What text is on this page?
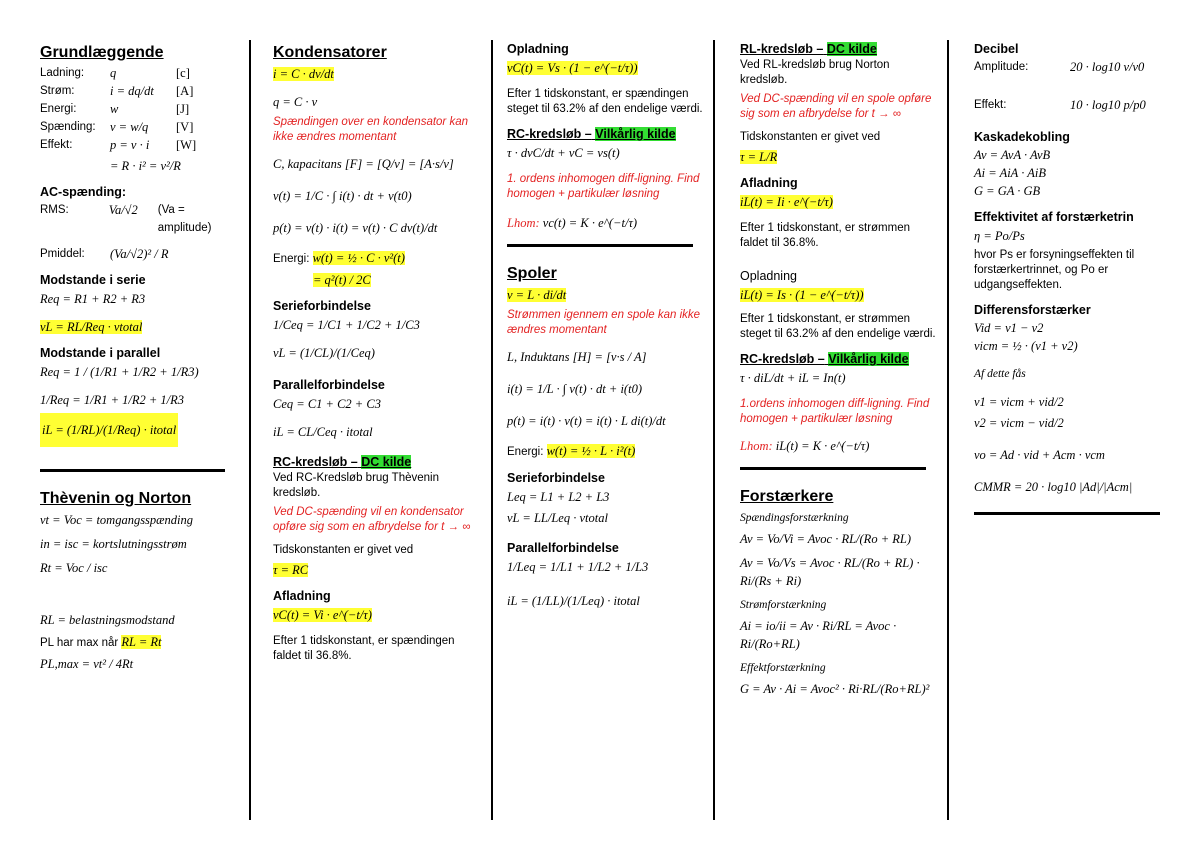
Grundlæggende
Ladning:	q	[c]
Strøm:	i = dq/dt	[A]
Energi:	w	[J]
Spænding:	v = w/q	[V]
Effekt:	p = v · i	[W]
= R · i² = v²/R
AC-spænding:
RMS:	Va/√2	(Va = amplitude)
Pmiddel:	(Va/√2)² / R
Modstande i serie
Req = R1 + R2 + R3
vL = RL/Req · vtotal
Modstande i parallel
Req = 1 / (1/R1 + 1/R2 + 1/R3)
1/Req = 1/R1 + 1/R2 + 1/R3
iL = (1/RL)/(1/Req) · itotal
Thèvenin og Norton
vt = Voc = tomgangsspænding
in = isc = kortslutningsstrøm
Rt = Voc / isc
RL = belastningsmodstand
PL har max når RL = Rt
PL,max = vt² / 4Rt
Kondensatorer
i = C · dv/dt
q = C · v

Spændingen over en kondensator kan ikke ændres momentant

C, kapacitans [F] = [Q/v] = [A·s/v]
v(t) = 1/C · ∫ i(t) · dt + v(t0)
p(t) = v(t) · i(t) = v(t) · C dv(t)/dt
Energi: w(t) = ½ · C · v²(t)
= q²(t) / 2C
Serieforbindelse
1/Ceq = 1/C1 + 1/C2 + 1/C3
vL = (1/CL)/(1/Ceq)
Parallelforbindelse
Ceq = C1 + C2 + C3
iL = CL/Ceq · itotal
RC-kredsløb – DC kilde

Ved RC-Kredsløb brug Thèvenin kredsløb.

Ved DC-spænding vil en kondensator opføre sig som en afbrydelse for t → ∞

Tidskonstanten er givet ved

τ = RC
Afladning
vC(t) = Vi · e^(−t/τ)

Efter 1 tidskonstant, er spændingen faldet til 36.8%.

Opladning
vC(t) = Vs · (1 − e^(−t/τ))

Efter 1 tidskonstant, er spændingen steget til 63.2% af den endelige værdi.

RC-kredsløb – Vilkårlig kilde
τ · dvC/dt + vC = vs(t)

1. ordens inhomogen diff-ligning. Find homogen + partikulær løsning

Lhom: vc(t) = K · e^(−t/τ)
Spoler
v = L · di/dt

Strømmen igennem en spole kan ikke ændres momentant

L, Induktans [H] = [v·s / A]
i(t) = 1/L · ∫ v(t) · dt + i(t0)
p(t) = i(t) · v(t) = i(t) · L di(t)/dt
Energi: w(t) = ½ · L · i²(t)
Serieforbindelse
Leq = L1 + L2 + L3
vL = LL/Leq · vtotal
Parallelforbindelse
1/Leq = 1/L1 + 1/L2 + 1/L3
iL = (1/LL)/(1/Leq) · itotal
RL-kredsløb – DC kilde

Ved RL-kredsløb brug Norton kredsløb.

Ved DC-spænding vil en spole opføre sig som en afbrydelse for t → ∞

Tidskonstanten er givet ved

τ = L/R
Afladning
iL(t) = Ii · e^(−t/τ)

Efter 1 tidskonstant, er strømmen faldet til 36.8%.

Opladning
iL(t) = Is · (1 − e^(−t/τ))

Efter 1 tidskonstant, er strømmen steget til 63.2% af den endelige værdi.

RC-kredsløb – Vilkårlig kilde
τ · diL/dt + iL = In(t)

1.ordens inhomogen diff-ligning. Find homogen + partikulær løsning

Lhom: iL(t) = K · e^(−t/τ)
Forstærkere
Spændingsforstærkning
Av = Vo/Vi = Avoc · RL/(Ro + RL)
Av = Vo/Vs = Avoc · RL/(Ro + RL) · Ri/(Rs + Ri)
Strømforstærkning
Ai = io/ii = Av · Ri/RL = Avoc · Ri/(Ro+RL)
Effektforstærkning
G = Av · Ai = Avoc² · Ri·RL/(Ro+RL)²
Decibel
Amplitude:	20 · log10 v/v0
Effekt:	10 · log10 p/p0
Kaskadekobling
Av = AvA · AvB
Ai = AiA · AiB
G = GA · GB
Effektivitet af forstærketrin
η = Po/Ps

hvor Ps er forsyningseffekten til forstærkertrinnet, og Po er udgangseffekten.

Differensforstærker
Vid = v1 − v2
vicm = ½ · (v1 + v2)
Af dette fås
v1 = vicm + vid/2
v2 = vicm − vid/2
vo = Ad · vid + Acm · vcm
CMMR = 20 · log10 |Ad|/|Acm|
